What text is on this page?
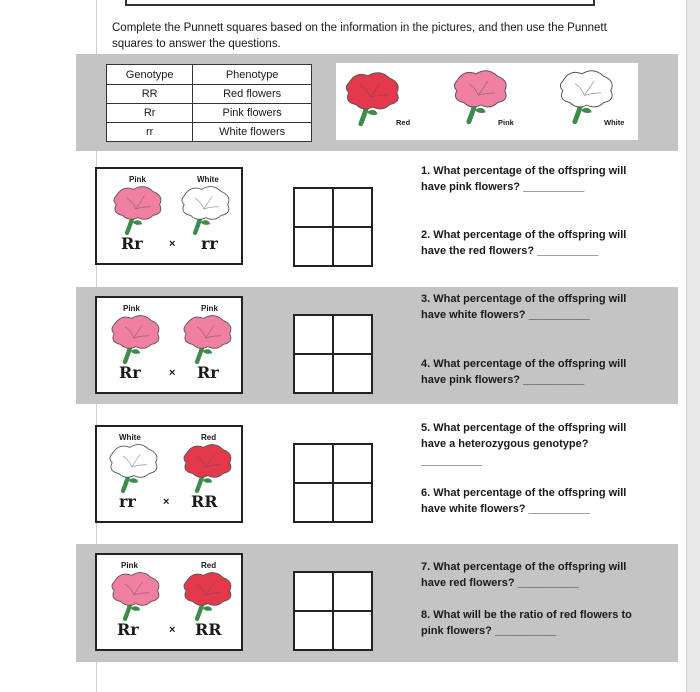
Complete the Punnett squares based on the information in the pictures, and then use the Punnett squares to answer the questions.
Genotype	Phenotype
RR	Red flowers
Rr	Pink flowers
rr	White flowers
Red	Pink	White
Pink	White
Rr × rr
Pink	Pink
Rr	× Rr
White	Red
rr × RR
Pink	Red
Rr	× RR
1. What percentage of the offspring will have pink flowers? __________
2. What percentage of the offspring will have the red flowers? __________
3. What percentage of the offspring will have white flowers? __________
4. What percentage of the offspring will have pink flowers? __________
5. What percentage of the offspring will have a heterozygous genotype?
__________
6. What percentage of the offspring will have white flowers? __________
7. What percentage of the offspring will have red flowers? __________
8. What will be the ratio of red flowers to pink flowers? __________
